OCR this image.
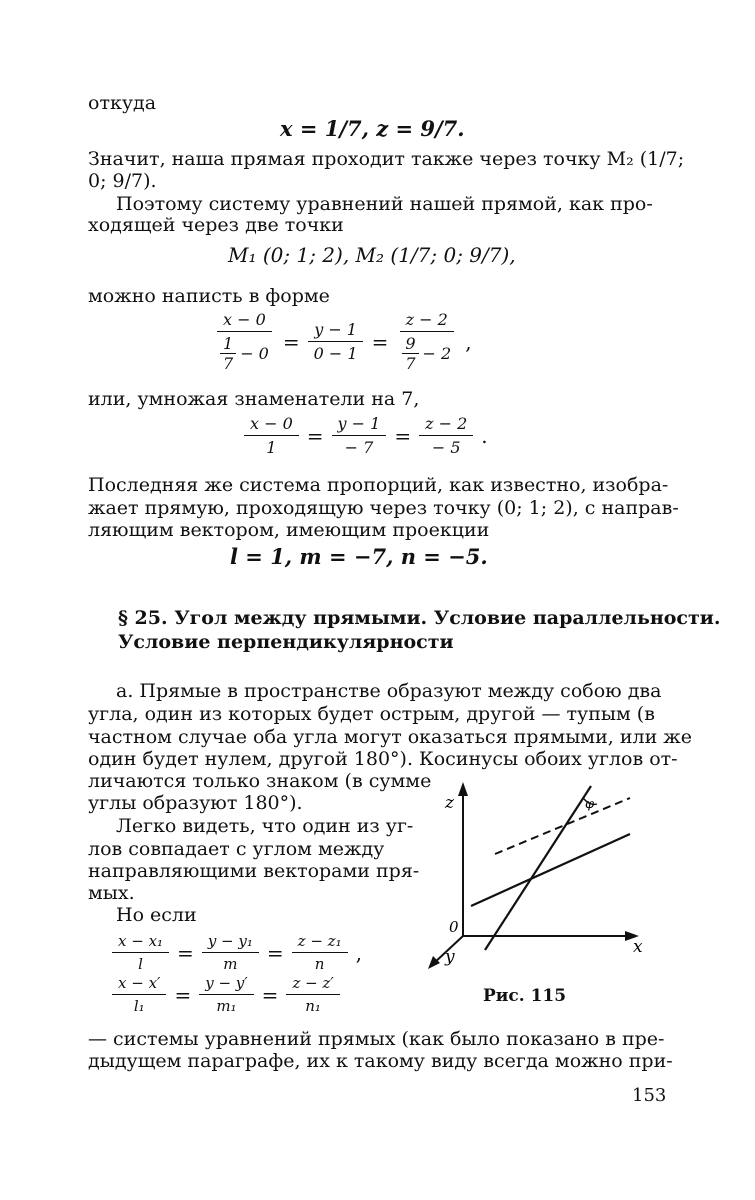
откуда
x = 1/7, z = 9/7.
Значит, наша прямая проходит также через точку M₂ (1/7;
0; 9/7).
Поэтому систему уравнений нашей прямой, как про-
ходящей через две точки
M₁ (0; 1; 2), M₂ (1/7; 0; 9/7),
можно написть в форме
$\frac{x - 0}{\frac{1}{7} - 0} = \frac{y - 1}{0 - 1} = \frac{z - 2}{\frac{9}{7} - 2}$ ,
или, умножая знаменатели на 7,
$\frac{x - 0}{1} = \frac{y - 1}{- 7} = \frac{z - 2}{- 5}$ .
Последняя же система пропорций, как известно, изобра-
жает прямую, проходящую через точку (0; 1; 2), с направ-
ляющим вектором, имеющим проекции
l = 1, m = −7, n = −5.
§ 25. Угол между прямыми. Условие параллельности.
Условие перпендикулярности
а. Прямые в пространстве образуют между собою два
угла, один из которых будет острым, другой — тупым (в
частном случае оба угла могут оказаться прямыми, или же
один будет нулем, другой 180°). Косинусы обоих углов от-
личаются только знаком (в сумме
углы образуют 180°).
Легко видеть, что один из уг-
лов совпадает с углом между
направляющими векторами пря-
мых.
Но если
$\frac{\text{x − x₁}}{l} = \frac{\text{y − y₁}}{m} = \frac{\text{z − z₁}}{n}$ ,
$\frac{x - x'}{\text{l₁}} = \frac{y - y'}{\text{m₁}} = \frac{z - z'}{\text{n₁}}$
φ
z
x
y
0
Рис. 115
— системы уравнений прямых (как было показано в пре-
дыдущем параграфе, их к такому виду всегда можно при-
153
